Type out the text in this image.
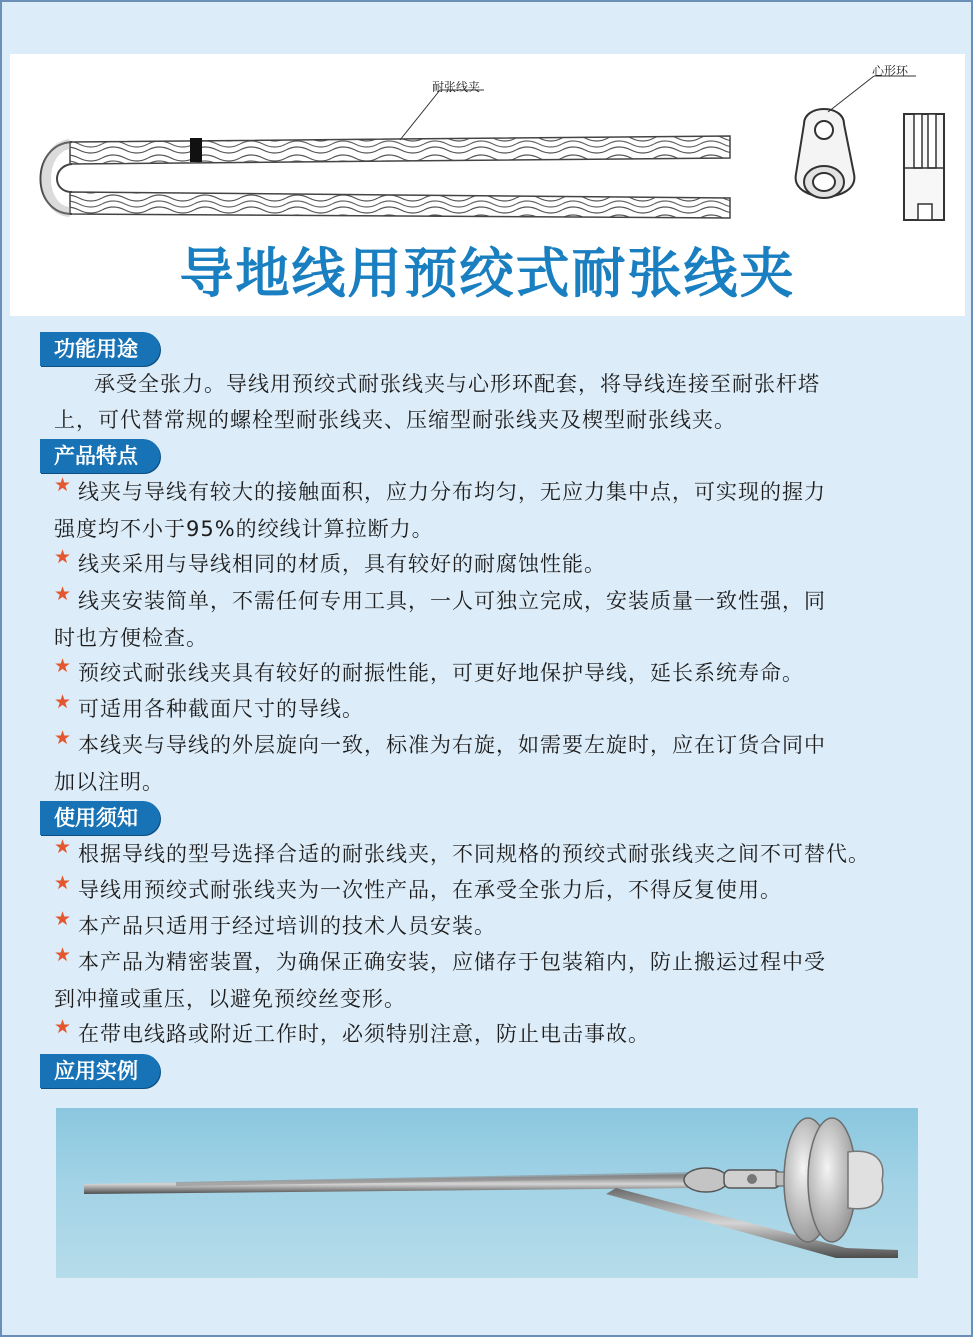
耐张线夹
心形环
导地线用预绞式耐张线夹
功能用途
承受全张力。导线用预绞式耐张线夹与心形环配套，将导线连接至耐张杆塔
上，可代替常规的螺栓型耐张线夹、压缩型耐张线夹及楔型耐张线夹。
产品特点
★ 线夹与导线有较大的接触面积，应力分布均匀，无应力集中点，可实现的握力
强度均不小于95%的绞线计算拉断力。
★ 线夹采用与导线相同的材质，具有较好的耐腐蚀性能。
★ 线夹安装简单，不需任何专用工具，一人可独立完成，安装质量一致性强，同
时也方便检查。
★ 预绞式耐张线夹具有较好的耐振性能，可更好地保护导线，延长系统寿命。
★ 可适用各种截面尺寸的导线。
★ 本线夹与导线的外层旋向一致，标准为右旋，如需要左旋时，应在订货合同中
加以注明。
使用须知
★ 根据导线的型号选择合适的耐张线夹，不同规格的预绞式耐张线夹之间不可替代。
★ 导线用预绞式耐张线夹为一次性产品，在承受全张力后，不得反复使用。
★ 本产品只适用于经过培训的技术人员安装。
★ 本产品为精密装置，为确保正确安装，应储存于包装箱内，防止搬运过程中受
到冲撞或重压，以避免预绞丝变形。
★ 在带电线路或附近工作时，必须特别注意，防止电击事故。
应用实例
